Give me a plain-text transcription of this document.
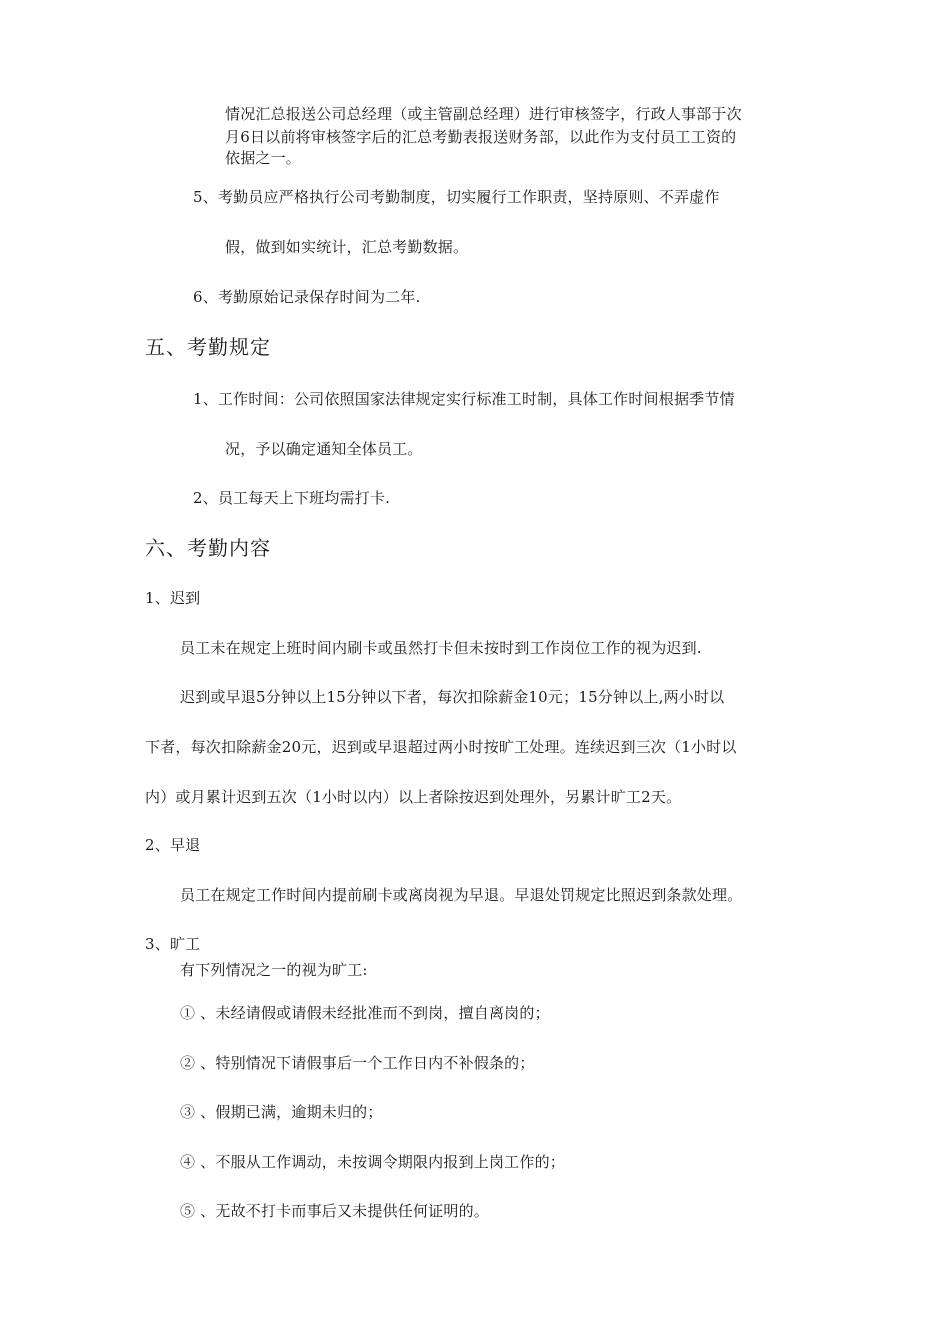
情况汇总报送公司总经理（或主管副总经理）进行审核签字，行政人事部于次
月6日以前将审核签字后的汇总考勤表报送财务部，以此作为支付员工工资的
依据之一。
5、考勤员应严格执行公司考勤制度，切实履行工作职责，坚持原则、不弄虚作
假，做到如实统计，汇总考勤数据。
6、考勤原始记录保存时间为二年.
五、考勤规定
1、工作时间：公司依照国家法律规定实行标准工时制，具体工作时间根据季节情
况，予以确定通知全体员工。
2、员工每天上下班均需打卡.
六、考勤内容
1、迟到
员工未在规定上班时间内刷卡或虽然打卡但未按时到工作岗位工作的视为迟到.
迟到或早退5分钟以上15分钟以下者，每次扣除薪金10元；15分钟以上,两小时以
下者，每次扣除薪金20元，迟到或早退超过两小时按旷工处理。连续迟到三次（1小时以
内）或月累计迟到五次（1小时以内）以上者除按迟到处理外，另累计旷工2天。
2、早退
员工在规定工作时间内提前刷卡或离岗视为早退。早退处罚规定比照迟到条款处理。
3、旷工
有下列情况之一的视为旷工:
① 、未经请假或请假未经批准而不到岗，擅自离岗的；
② 、特别情况下请假事后一个工作日内不补假条的；
③ 、假期已满，逾期未归的；
④ 、不服从工作调动，未按调令期限内报到上岗工作的；
⑤ 、无故不打卡而事后又未提供任何证明的。
